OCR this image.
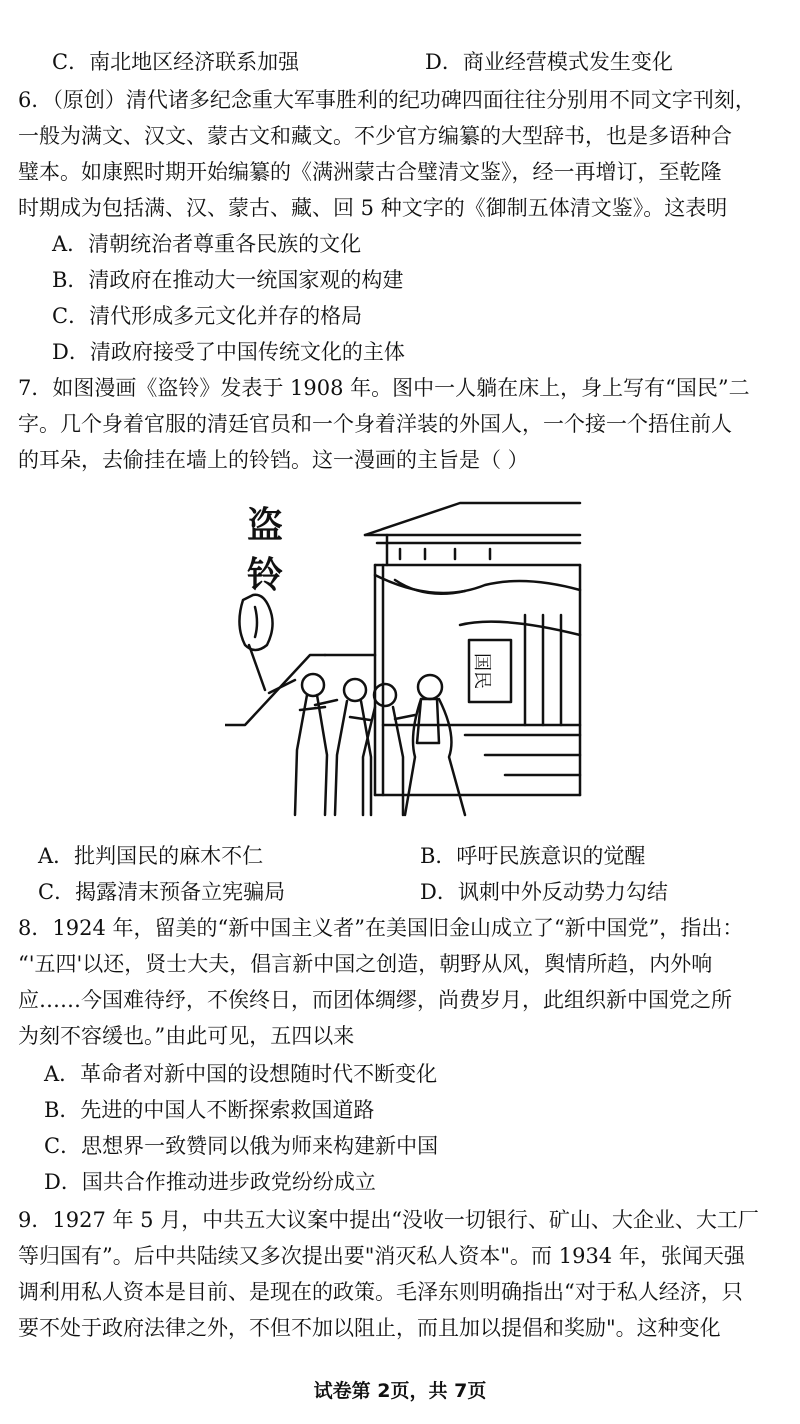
C．南北地区经济联系加强	D．商业经营模式发生变化
6．（原创）清代诸多纪念重大军事胜利的纪功碑四面往往分别用不同文字刊刻，
一般为满文、汉文、蒙古文和藏文。不少官方编纂的大型辞书，也是多语种合
璧本。如康熙时期开始编纂的《满洲蒙古合璧清文鉴》，经一再增订，至乾隆
时期成为包括满、汉、蒙古、藏、回 5 种文字的《御制五体清文鉴》。这表明
A．清朝统治者尊重各民族的文化
B．清政府在推动大一统国家观的构建
C．清代形成多元文化并存的格局
D．清政府接受了中国传统文化的主体
7．如图漫画《盗铃》发表于 1908 年。图中一人躺在床上，身上写有“国民”二
字。几个身着官服的清廷官员和一个身着洋装的外国人，一个接一个捂住前人
的耳朵，去偷挂在墙上的铃铛。这一漫画的主旨是（ ）
盗
铃
国民
A．批判国民的麻木不仁	B．呼吁民族意识的觉醒
C．揭露清末预备立宪骗局	D．讽刺中外反动势力勾结
8．1924 年，留美的“新中国主义者”在美国旧金山成立了“新中国党”，指出：
“'五四'以还，贤士大夫，倡言新中国之创造，朝野从风，舆情所趋，内外响
应……今国难待纾，不俟终日，而团体绸缪，尚费岁月，此组织新中国党之所
为刻不容缓也。”由此可见，五四以来
A．革命者对新中国的设想随时代不断变化
B．先进的中国人不断探索救国道路
C．思想界一致赞同以俄为师来构建新中国
D．国共合作推动进步政党纷纷成立
9．1927 年 5 月，中共五大议案中提出“没收一切银行、矿山、大企业、大工厂
等归国有”。后中共陆续又多次提出要"消灭私人资本"。而 1934 年，张闻天强
调利用私人资本是目前、是现在的政策。毛泽东则明确指出“对于私人经济，只
要不处于政府法律之外，不但不加以阻止，而且加以提倡和奖励"。这种变化
试卷第 2页，共 7页
